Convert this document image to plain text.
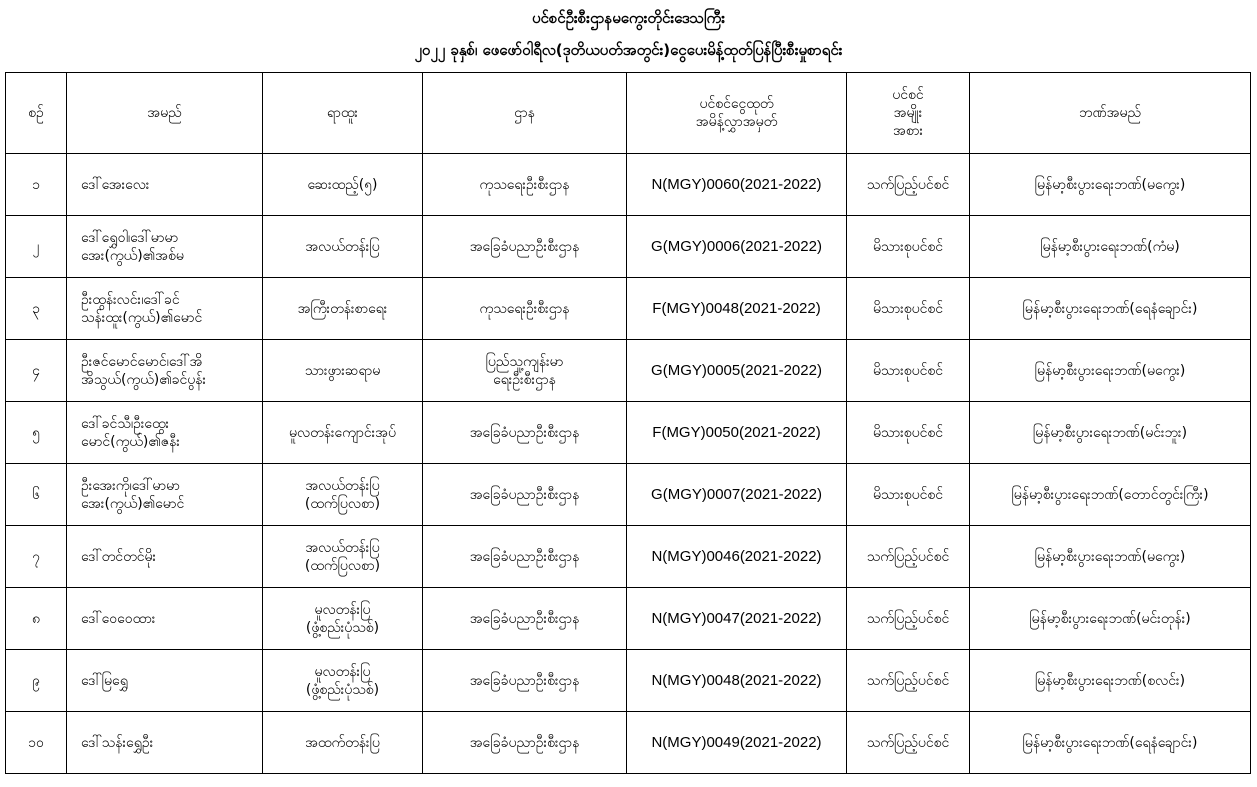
ပင်စင်ဦးစီးဌာနမကွေးတိုင်းဒေသကြီး
၂၀၂၂ ခုနှစ်၊ ဖေဖော်ဝါရီလ(ဒုတိယပတ်အတွင်း)ငွေပေးမိန့်ထုတ်ပြန်ပြီးစီးမှုစာရင်း
စဉ်	အမည်	ရာထူး	ဌာန	ပင်စင်ငွေထုတ်
အမိန့်လွှာအမှတ်	ပင်စင်
အမျိုး
အစား	ဘဏ်အမည်
၁	ဒေါ်အေးလေး	ဆေးထည့်(၅)	ကုသရေးဦးစီးဌာန	N(MGY)0060(2021-2022)	သက်ပြည့်ပင်စင်	မြန်မာ့စီးပွားရေးဘဏ်(မကွေး)
၂	ဒေါ်ရွှေဝါ၊ဒေါ်မာမာ
အေး(ကွယ်)၏အစ်မ	အလယ်တန်းပြ	အခြေခံပညာဦးစီးဌာန	G(MGY)0006(2021-2022)	မိသားစုပင်စင်	မြန်မာ့စီးပွားရေးဘဏ်(ကံမ)
၃	ဦးထွန်းလင်း၊ဒေါ်ခင်
သန်းထူး(ကွယ်)၏မောင်	အကြီးတန်းစာရေး	ကုသရေးဦးစီးဌာန	F(MGY)0048(2021-2022)	မိသားစုပင်စင်	မြန်မာ့စီးပွားရေးဘဏ်(ရေနံချောင်း)
၄	ဦးဇင်မောင်မောင်၊ဒေါ်အိ
အိသွယ်(ကွယ်)၏ခင်ပွန်း	သားဖွားဆရာမ	ပြည်သူ့ကျန်းမာ
ရေးဦးစီးဌာန	G(MGY)0005(2021-2022)	မိသားစုပင်စင်	မြန်မာ့စီးပွားရေးဘဏ်(မကွေး)
၅	ဒေါ်ခင်သီ၊ဦးထွေး
မောင်(ကွယ်)၏ဇနီး	မူလတန်းကျောင်းအုပ်	အခြေခံပညာဦးစီးဌာန	F(MGY)0050(2021-2022)	မိသားစုပင်စင်	မြန်မာ့စီးပွားရေးဘဏ်(မင်းဘူး)
၆	ဦးအေးကို၊ဒေါ်မာမာ
အေး(ကွယ်)၏မောင်	အလယ်တန်းပြ
(ထက်ပြလစာ)	အခြေခံပညာဦးစီးဌာန	G(MGY)0007(2021-2022)	မိသားစုပင်စင်	မြန်မာ့စီးပွားရေးဘဏ်(တောင်တွင်းကြီး)
၇	ဒေါ်တင်တင်မိုး	အလယ်တန်းပြ
(ထက်ပြလစာ)	အခြေခံပညာဦးစီးဌာန	N(MGY)0046(2021-2022)	သက်ပြည့်ပင်စင်	မြန်မာ့စီးပွားရေးဘဏ်(မကွေး)
၈	ဒေါ်ဝေဝေထား	မူလတန်းပြ
(ဖွံ့စည်းပုံသစ်)	အခြေခံပညာဦးစီးဌာန	N(MGY)0047(2021-2022)	သက်ပြည့်ပင်စင်	မြန်မာ့စီးပွားရေးဘဏ်(မင်းတုန်း)
၉	ဒေါ်မြရွှေ	မူလတန်းပြ
(ဖွံ့စည်းပုံသစ်)	အခြေခံပညာဦးစီးဌာန	N(MGY)0048(2021-2022)	သက်ပြည့်ပင်စင်	မြန်မာ့စီးပွားရေးဘဏ်(စလင်း)
၁၀	ဒေါ်သန်းရွှေဦး	အထက်တန်းပြ	အခြေခံပညာဦးစီးဌာန	N(MGY)0049(2021-2022)	သက်ပြည့်ပင်စင်	မြန်မာ့စီးပွားရေးဘဏ်(ရေနံချောင်း)
